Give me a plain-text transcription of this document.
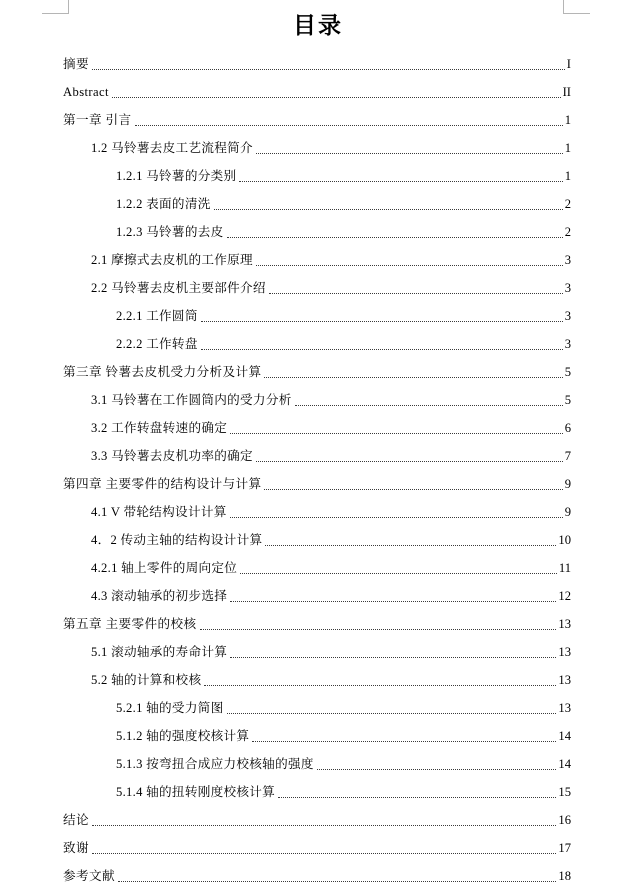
目录
摘要	I
Abstract	II
第一章 引言	1
1.2 马铃薯去皮工艺流程简介	1
1.2.1 马铃薯的分类别	1
1.2.2 表面的清洗	2
1.2.3 马铃薯的去皮	2
2.1 摩擦式去皮机的工作原理	3
2.2 马铃薯去皮机主要部件介绍	3
2.2.1 工作圆筒	3
2.2.2 工作转盘	3
第三章 铃薯去皮机受力分析及计算	5
3.1 马铃薯在工作圆筒内的受力分析	5
3.2 工作转盘转速的确定	6
3.3 马铃薯去皮机功率的确定	7
第四章 主要零件的结构设计与计算	9
4.1 V 带轮结构设计计算	9
4．2 传动主轴的结构设计计算	10
4.2.1 轴上零件的周向定位	11
4.3 滚动轴承的初步选择	12
第五章 主要零件的校核	13
5.1 滚动轴承的寿命计算	13
5.2 轴的计算和校核	13
5.2.1 轴的受力简图	13
5.1.2 轴的强度校核计算	14
5.1.3 按弯扭合成应力校核轴的强度	14
5.1.4 轴的扭转刚度校核计算	15
结论	16
致谢	17
参考文献	18
